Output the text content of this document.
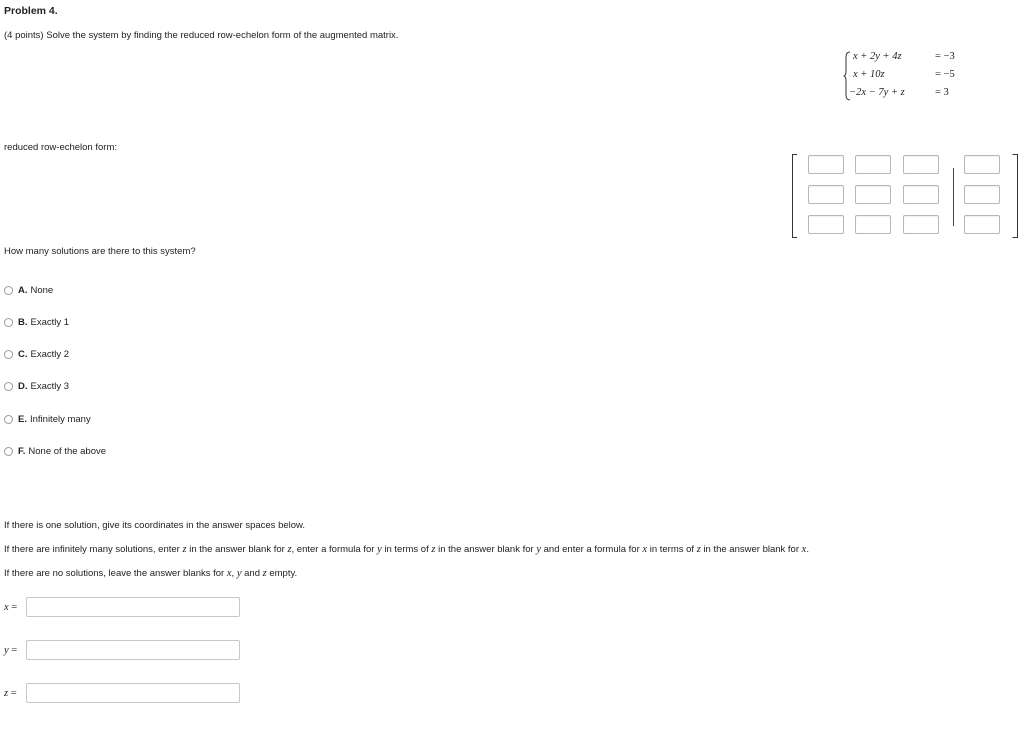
Problem 4.
(4 points) Solve the system by finding the reduced row-echelon form of the augmented matrix.
x + 2y + 4z	= −3
x + 10z	= −5
−2x − 7y + z	= 3
reduced row-echelon form:
How many solutions are there to this system?
A. None
B. Exactly 1
C. Exactly 2
D. Exactly 3
E. Infinitely many
F. None of the above
If there is one solution, give its coordinates in the answer spaces below.
If there are infinitely many solutions, enter z in the answer blank for z, enter a formula for y in terms of z in the answer blank for y and enter a formula for x in terms of z in the answer blank for x.
If there are no solutions, leave the answer blanks for x, y and z empty.
x =
y =
z =
